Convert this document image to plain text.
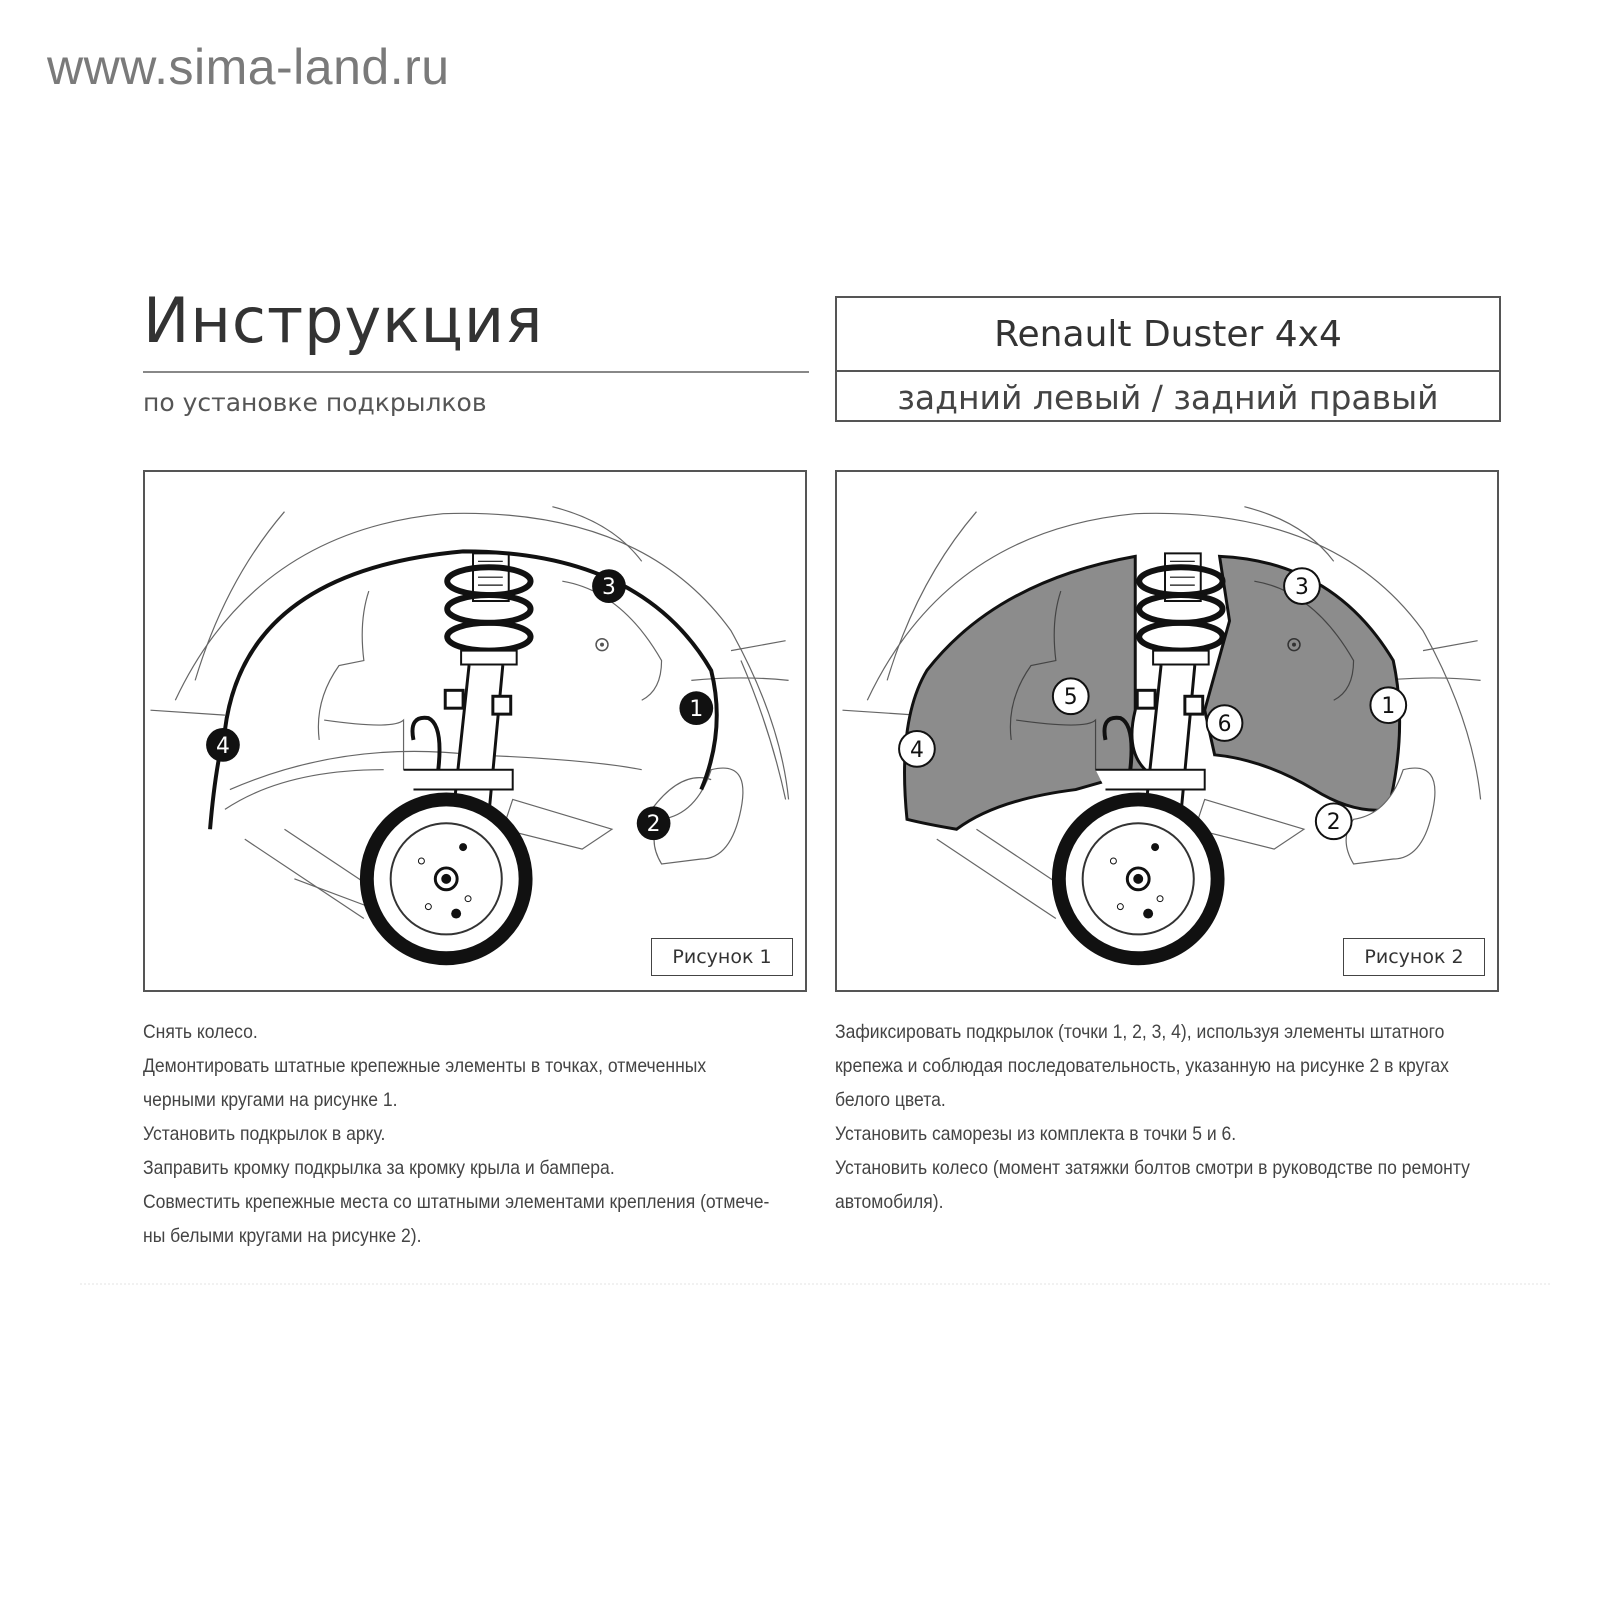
www.sima-land.ru
Инструкция
по установке подкрылков
Renault Duster 4x4
задний левый / задний правый
1
2
3
4
Рисунок 1
1
2
3
4
5
6
Рисунок 2
Снять колесо.
Демонтировать штатные крепежные элементы в точках, отмеченных
черными кругами на рисунке 1.
Установить подкрылок в арку.
Заправить кромку подкрылка за кромку крыла и бампера.
Совместить крепежные места со штатными элементами крепления (отмече-
ны белыми кругами на рисунке 2).
Зафиксировать подкрылок (точки 1, 2, 3, 4), используя элементы штатного
крепежа и соблюдая последовательность, указанную на рисунке 2 в кругах
белого цвета.
Установить саморезы из комплекта в точки 5 и 6.
Установить колесо (момент затяжки болтов смотри в руководстве по ремонту
автомобиля).
